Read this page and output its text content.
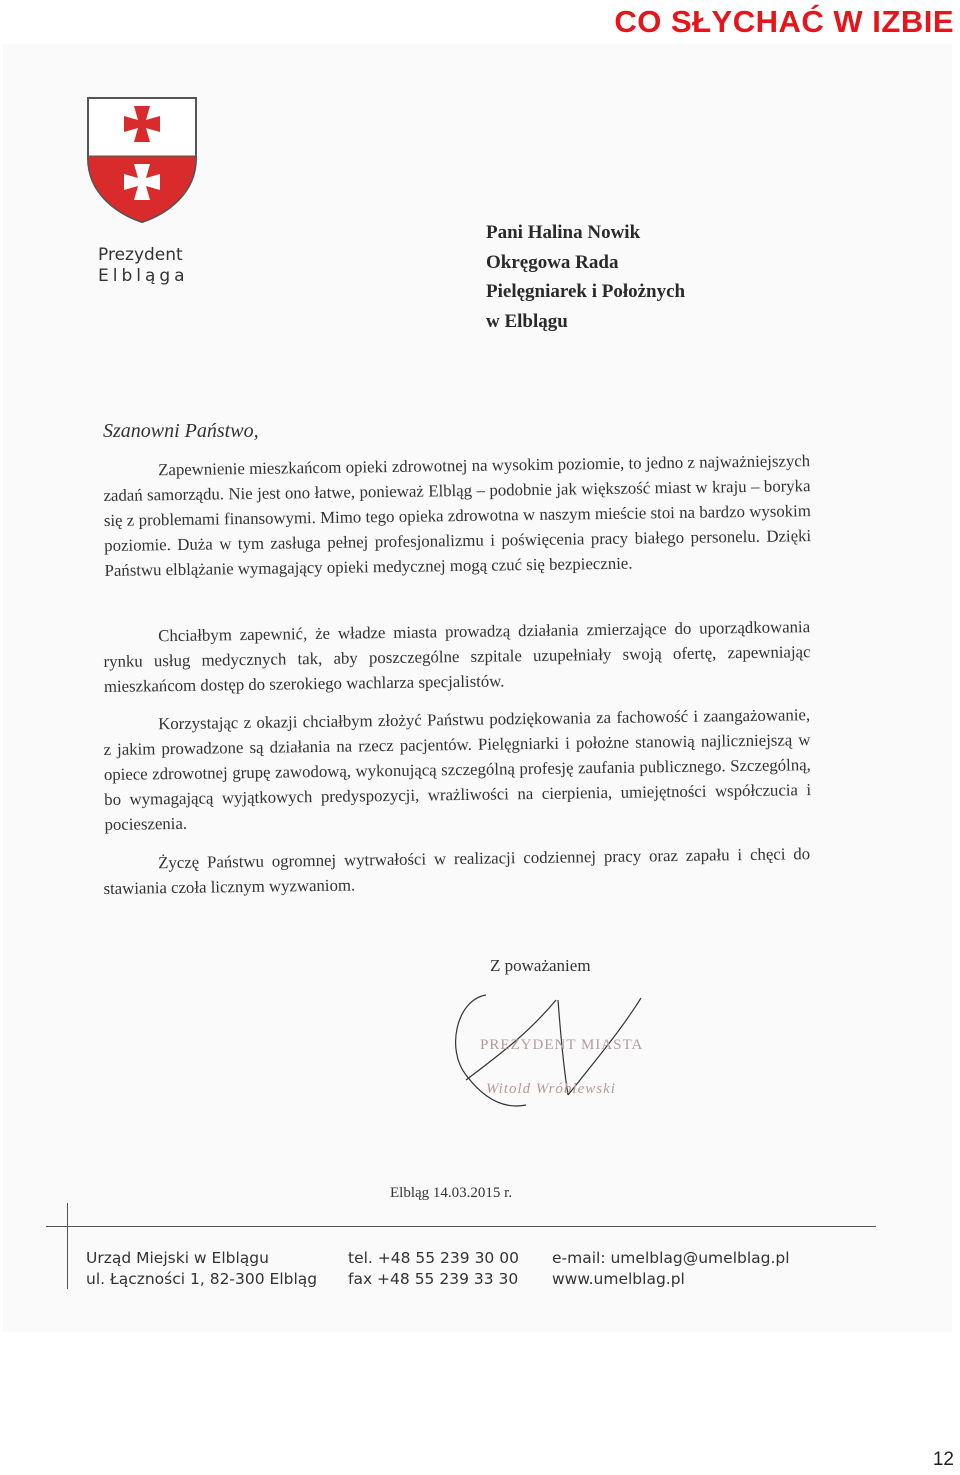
CO SŁYCHAĆ W IZBIE
Prezydent
Elbląga
Pani Halina Nowik
Okręgowa Rada
Pielęgniarek i Położnych
w Elblągu
Szanowni Państwo,

Zapewnienie mieszkańcom opieki zdrowotnej na wysokim poziomie, to jedno z najważniejszych zadań samorządu. Nie jest ono łatwe, ponieważ Elbląg – podobnie jak większość miast w kraju – boryka się z problemami finansowymi. Mimo tego opieka zdrowotna w naszym mieście stoi na bardzo wysokim poziomie. Duża w tym zasługa pełnej profesjonalizmu i poświęcenia pracy białego personelu. Dzięki Państwu elblążanie wymagający opieki medycznej mogą czuć się bezpiecznie.

Chciałbym zapewnić, że władze miasta prowadzą działania zmierzające do uporządkowania rynku usług medycznych tak, aby poszczególne szpitale uzupełniały swoją ofertę, zapewniając mieszkańcom dostęp do szerokiego wachlarza specjalistów.

Korzystając z okazji chciałbym złożyć Państwu podziękowania za fachowość i zaangażowanie, z jakim prowadzone są działania na rzecz pacjentów. Pielęgniarki i położne stanowią najliczniejszą w opiece zdrowotnej grupę zawodową, wykonującą szczególną profesję zaufania publicznego. Szczególną, bo wymagającą wyjątkowych predyspozycji, wrażliwości na cierpienia, umiejętności współczucia i pocieszenia.

Życzę Państwu ogromnej wytrwałości w realizacji codziennej pracy oraz zapału i chęci do stawiania czoła licznym wyzwaniom.

Z poważaniem
PREZYDENT MIASTA
Witold Wróblewski
Elbląg 14.03.2015 r.
Urząd Miejski w Elblągu
ul. Łączności 1, 82-300 Elbląg
tel. +48 55 239 30 00
fax +48 55 239 33 30
e-mail: umelblag@umelblag.pl
www.umelblag.pl
12
